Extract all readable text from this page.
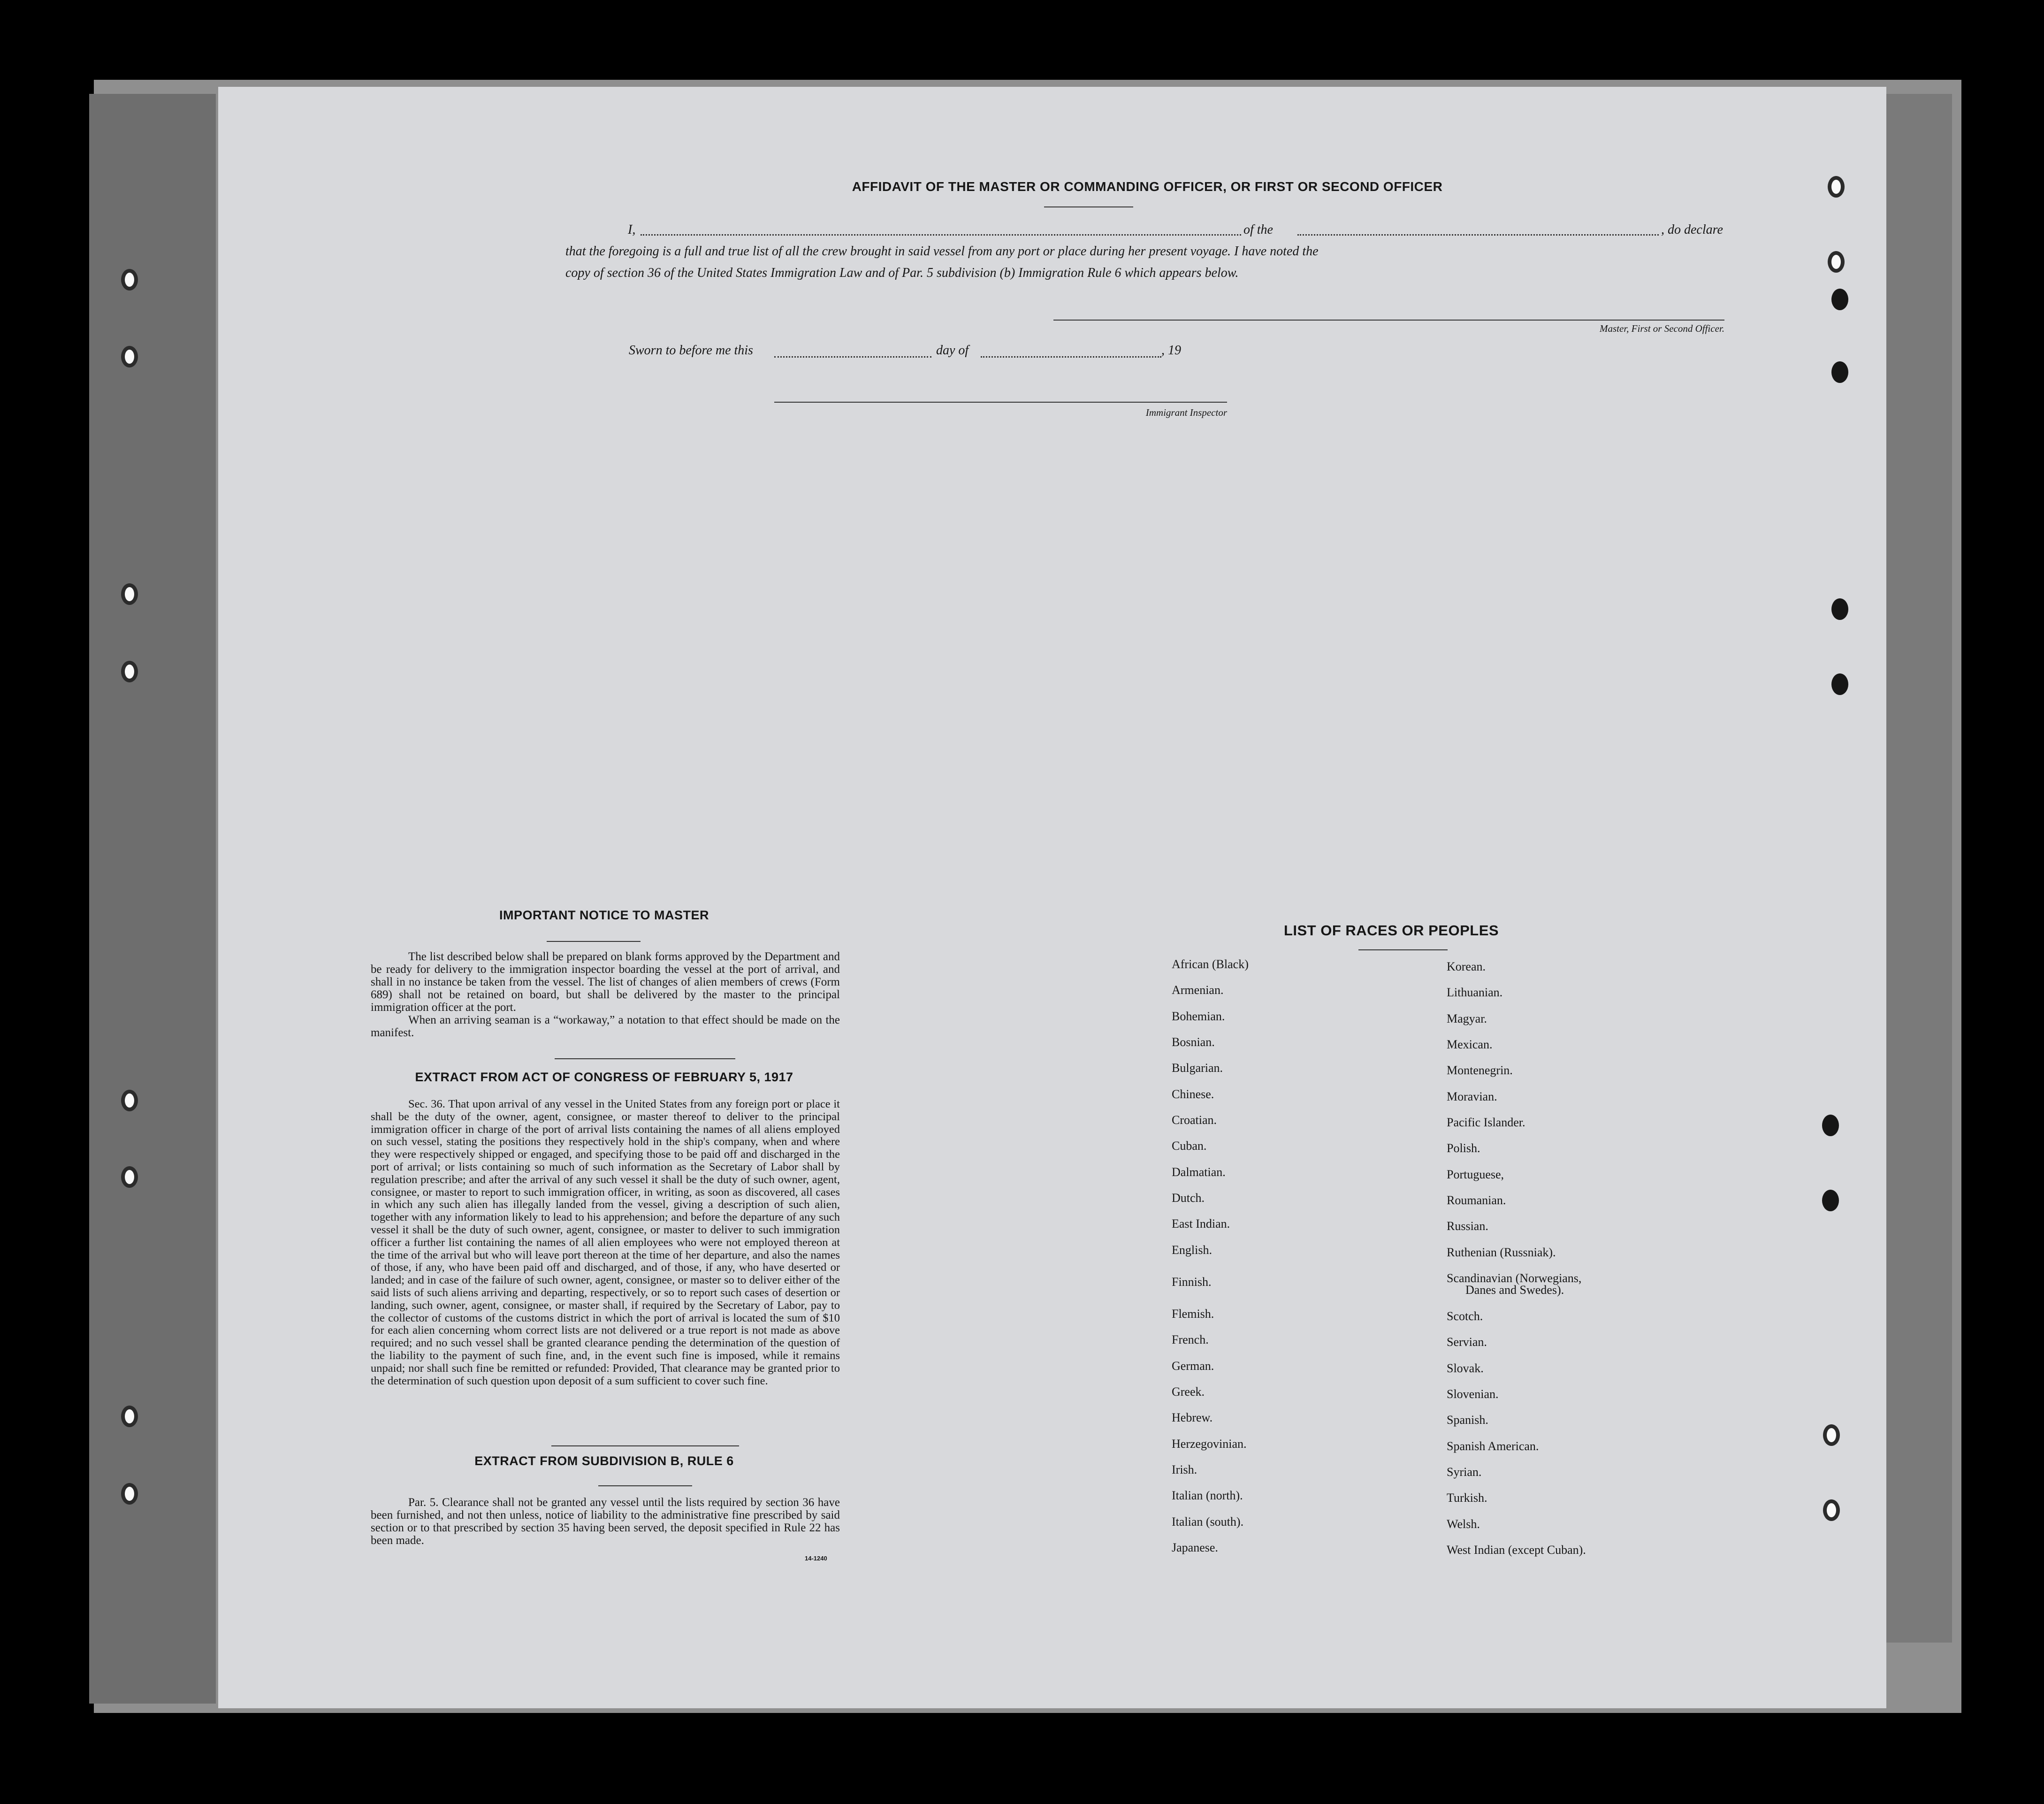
AFFIDAVIT OF THE MASTER OR COMMANDING OFFICER, OR FIRST OR SECOND OFFICER
I,	of the	, do declare
that the foregoing is a full and true list of all the crew brought in said vessel from any port or place during her present voyage. I have noted the
copy of section 36 of the United States Immigration Law and of Par. 5 subdivision (b) Immigration Rule 6 which appears below.
Master, First or Second Officer.
Sworn to before me this	day of	, 19
Immigrant Inspector
IMPORTANT NOTICE TO MASTER
The list described below shall be prepared on blank forms approved by the Department and be ready for delivery to the immigration inspector boarding the vessel at the port of arrival, and shall in no instance be taken from the vessel. The list of changes of alien members of crews (Form 689) shall not be retained on board, but shall be delivered by the master to the principal immigration officer at the port.
When an arriving seaman is a “workaway,” a notation to that effect should be made on the manifest.
EXTRACT FROM ACT OF CONGRESS OF FEBRUARY 5, 1917
Sec. 36. That upon arrival of any vessel in the United States from any foreign port or place it shall be the duty of the owner, agent, consignee, or master thereof to deliver to the principal immigration officer in charge of the port of arrival lists containing the names of all aliens employed on such vessel, stating the positions they respectively hold in the ship's company, when and where they were respectively shipped or engaged, and specifying those to be paid off and discharged in the port of arrival; or lists containing so much of such information as the Secretary of Labor shall by regulation prescribe; and after the arrival of any such vessel it shall be the duty of such owner, agent, consignee, or master to report to such immigration officer, in writing, as soon as discovered, all cases in which any such alien has illegally landed from the vessel, giving a description of such alien, together with any information likely to lead to his apprehension; and before the departure of any such vessel it shall be the duty of such owner, agent, consignee, or master to deliver to such immigration officer a further list containing the names of all alien employees who were not employed thereon at the time of the arrival but who will leave port thereon at the time of her departure, and also the names of those, if any, who have been paid off and discharged, and of those, if any, who have deserted or landed; and in case of the failure of such owner, agent, consignee, or master so to deliver either of the said lists of such aliens arriving and departing, respectively, or so to report such cases of desertion or landing, such owner, agent, consignee, or master shall, if required by the Secretary of Labor, pay to the collector of customs of the customs district in which the port of arrival is located the sum of $10 for each alien concerning whom correct lists are not delivered or a true report is not made as above required; and no such vessel shall be granted clearance pending the determination of the question of the liability to the payment of such fine, and, in the event such fine is imposed, while it remains unpaid; nor shall such fine be remitted or refunded: Provided, That clearance may be granted prior to the determination of such question upon deposit of a sum sufficient to cover such fine.
EXTRACT FROM SUBDIVISION B, RULE 6
Par. 5. Clearance shall not be granted any vessel until the lists required by section 36 have been furnished, and not then unless, notice of liability to the administrative fine prescribed by said section or to that prescribed by section 35 having been served, the deposit specified in Rule 22 has been made.
14-1240
LIST OF RACES OR PEOPLES
African (Black)
Armenian.
Bohemian.
Bosnian.
Bulgarian.
Chinese.
Croatian.
Cuban.
Dalmatian.
Dutch.
East Indian.
English.
Finnish.
Flemish.
French.
German.
Greek.
Hebrew.
Herzegovinian.
Irish.
Italian (north).
Italian (south).
Japanese.
Korean.
Lithuanian.
Magyar.
Mexican.
Montenegrin.
Moravian.
Pacific Islander.
Polish.
Portuguese,
Roumanian.
Russian.
Ruthenian (Russniak).
Scandinavian (Norwegians,
Danes and Swedes).
Scotch.
Servian.
Slovak.
Slovenian.
Spanish.
Spanish American.
Syrian.
Turkish.
Welsh.
West Indian (except Cuban).
